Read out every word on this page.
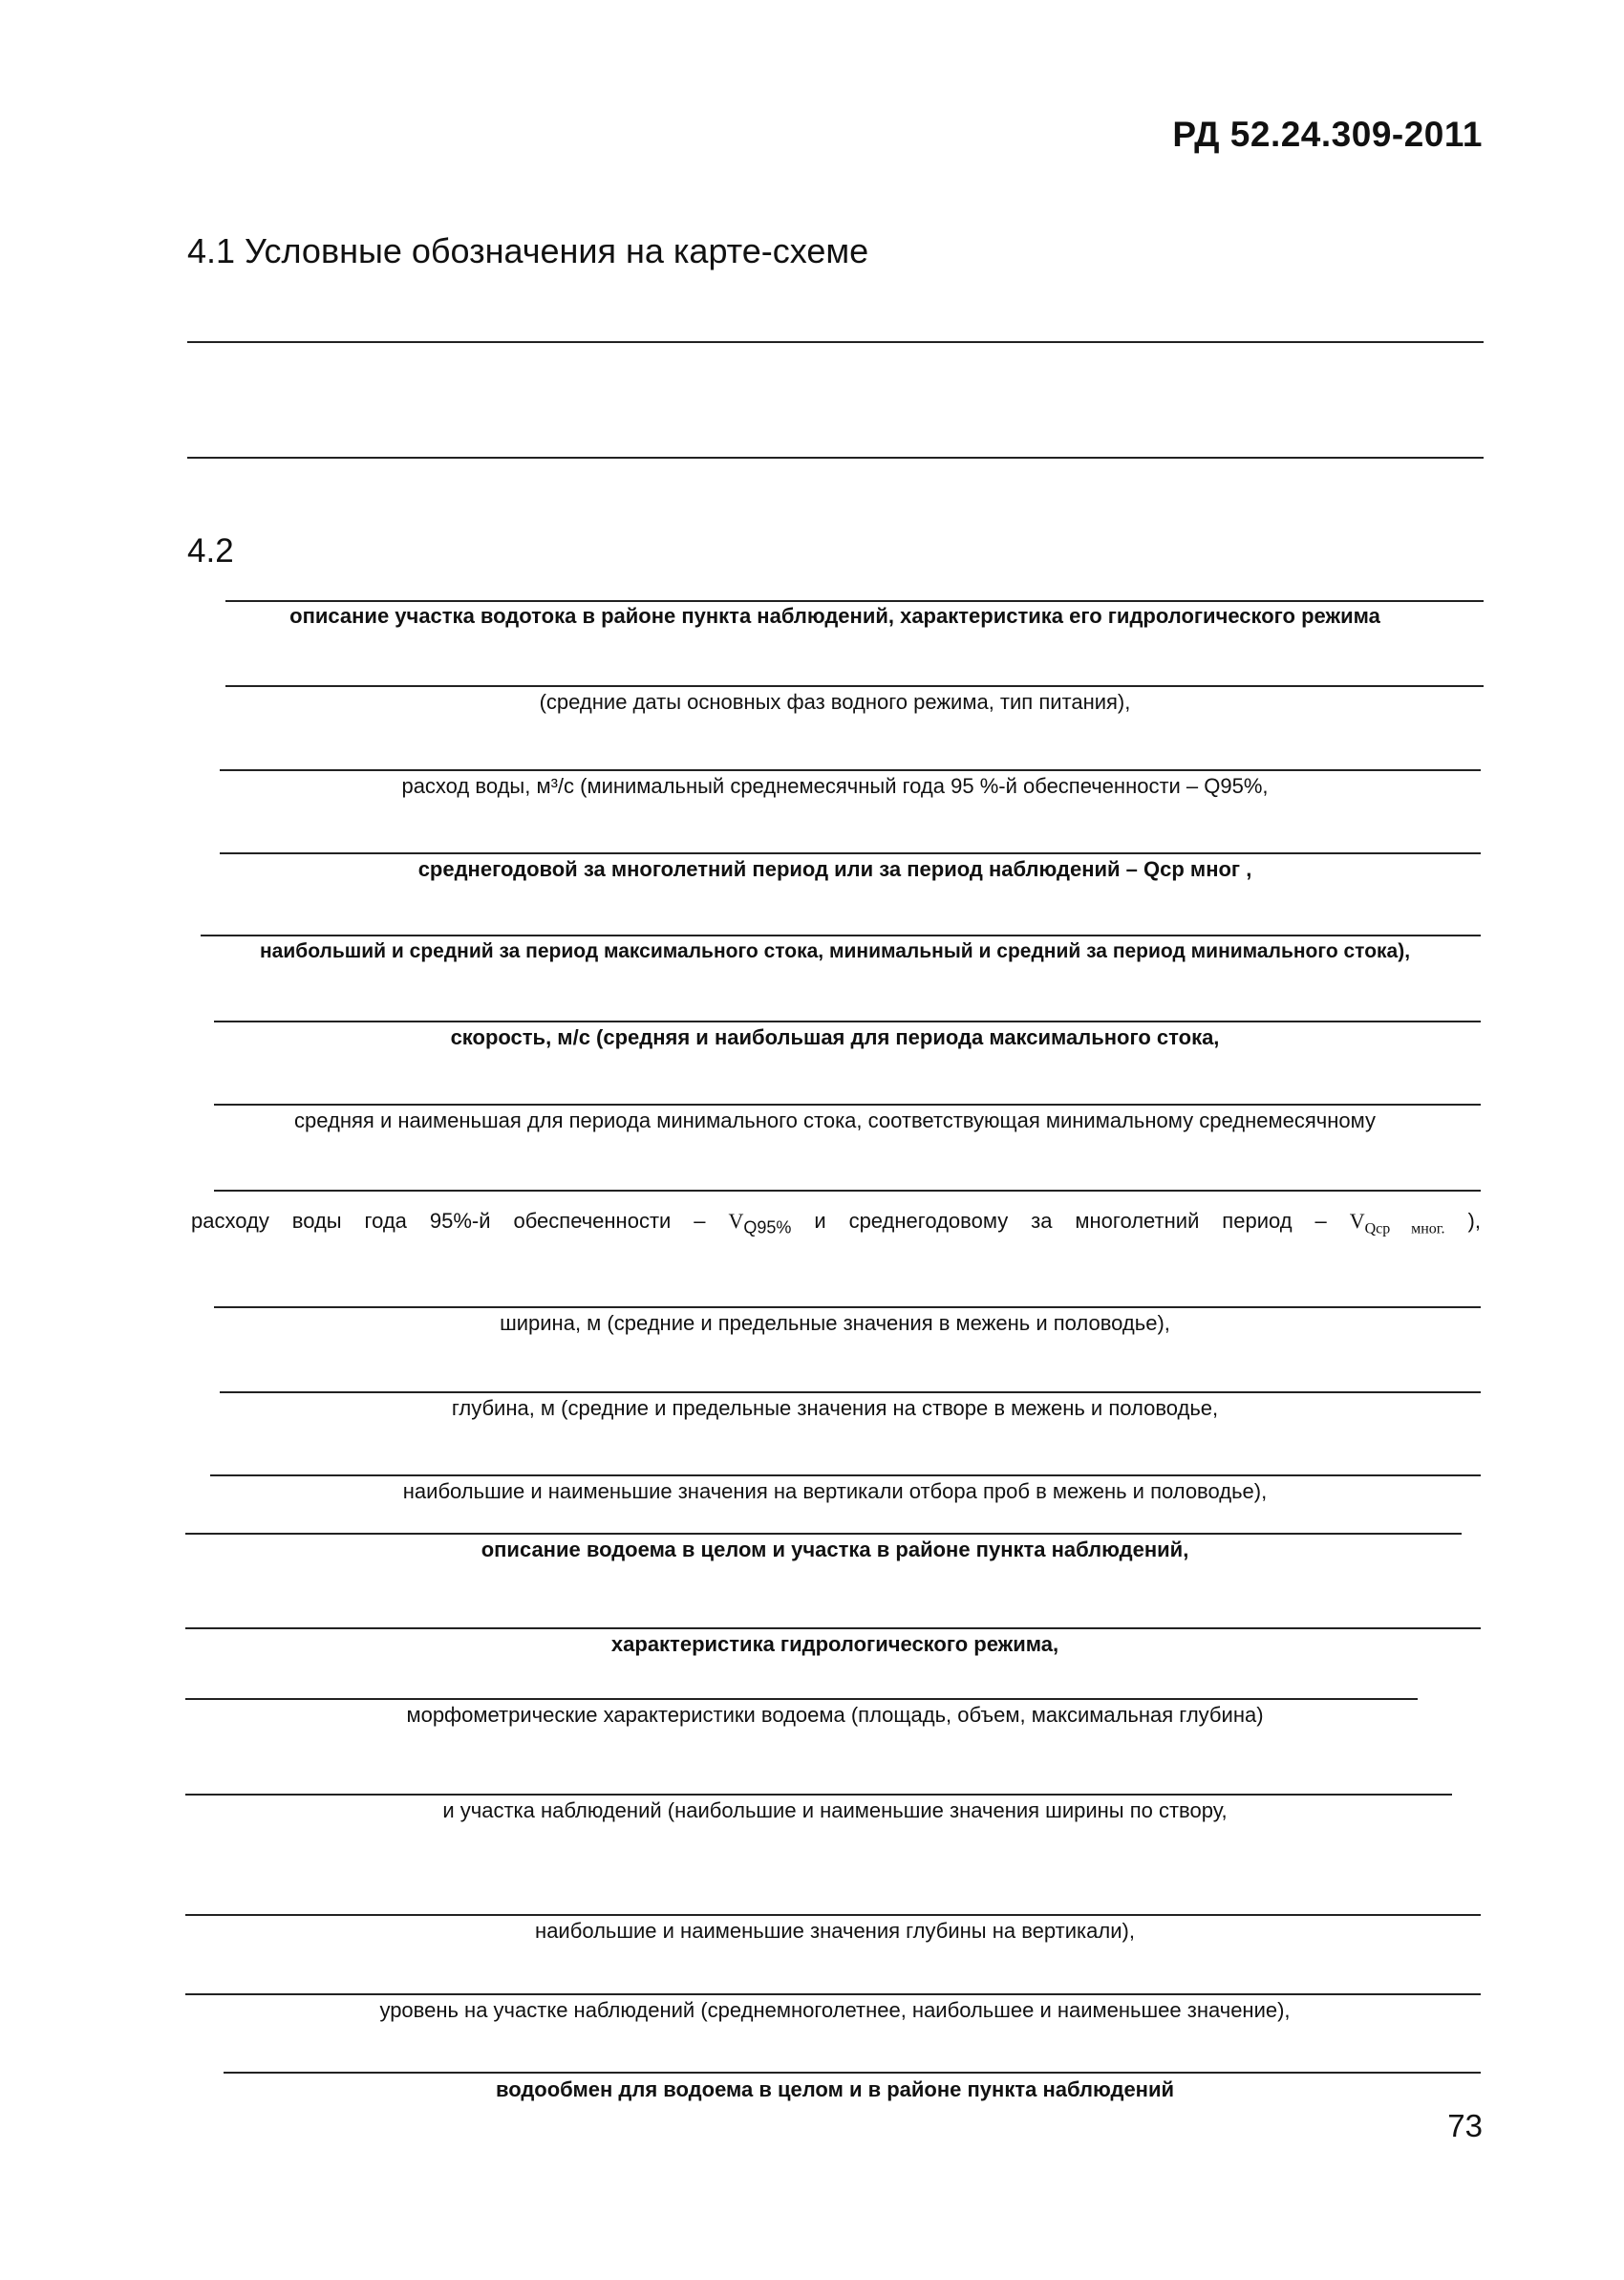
РД 52.24.309-2011
4.1 Условные обозначения на карте-схеме
4.2
описание участка водотока в районе пункта наблюдений, характеристика его гидрологического режима
(средние даты основных фаз водного режима, тип питания),
расход воды, м³/с (минимальный среднемесячный года 95 %-й обеспеченности – Q95%,
среднегодовой за многолетний период или за период наблюдений – Qср мног ,
наибольший и средний за период максимального стока, минимальный и средний за период минимального стока),
скорость, м/с (средняя и наибольшая для периода максимального стока,
средняя и наименьшая для периода минимального стока, соответствующая минимальному среднемесячному
расходу воды года 95%-й обеспеченности – $V_{Q95\%}$ и среднегодовому за многолетний период – $V_{Qср мног.}$ ),
ширина, м (средние и предельные значения в межень и половодье),
глубина, м (средние и предельные значения на створе в межень и половодье,
наибольшие и наименьшие значения на вертикали отбора проб в межень и половодье),
описание водоема в целом и участка в районе пункта наблюдений,
характеристика гидрологического режима,
морфометрические характеристики водоема (площадь, объем, максимальная глубина)
и участка наблюдений (наибольшие и наименьшие значения ширины по створу,
наибольшие и наименьшие значения глубины на вертикали),
уровень на участке наблюдений (среднемноголетнее, наибольшее и наименьшее значение),
водообмен для водоема в целом и в районе пункта наблюдений
73
